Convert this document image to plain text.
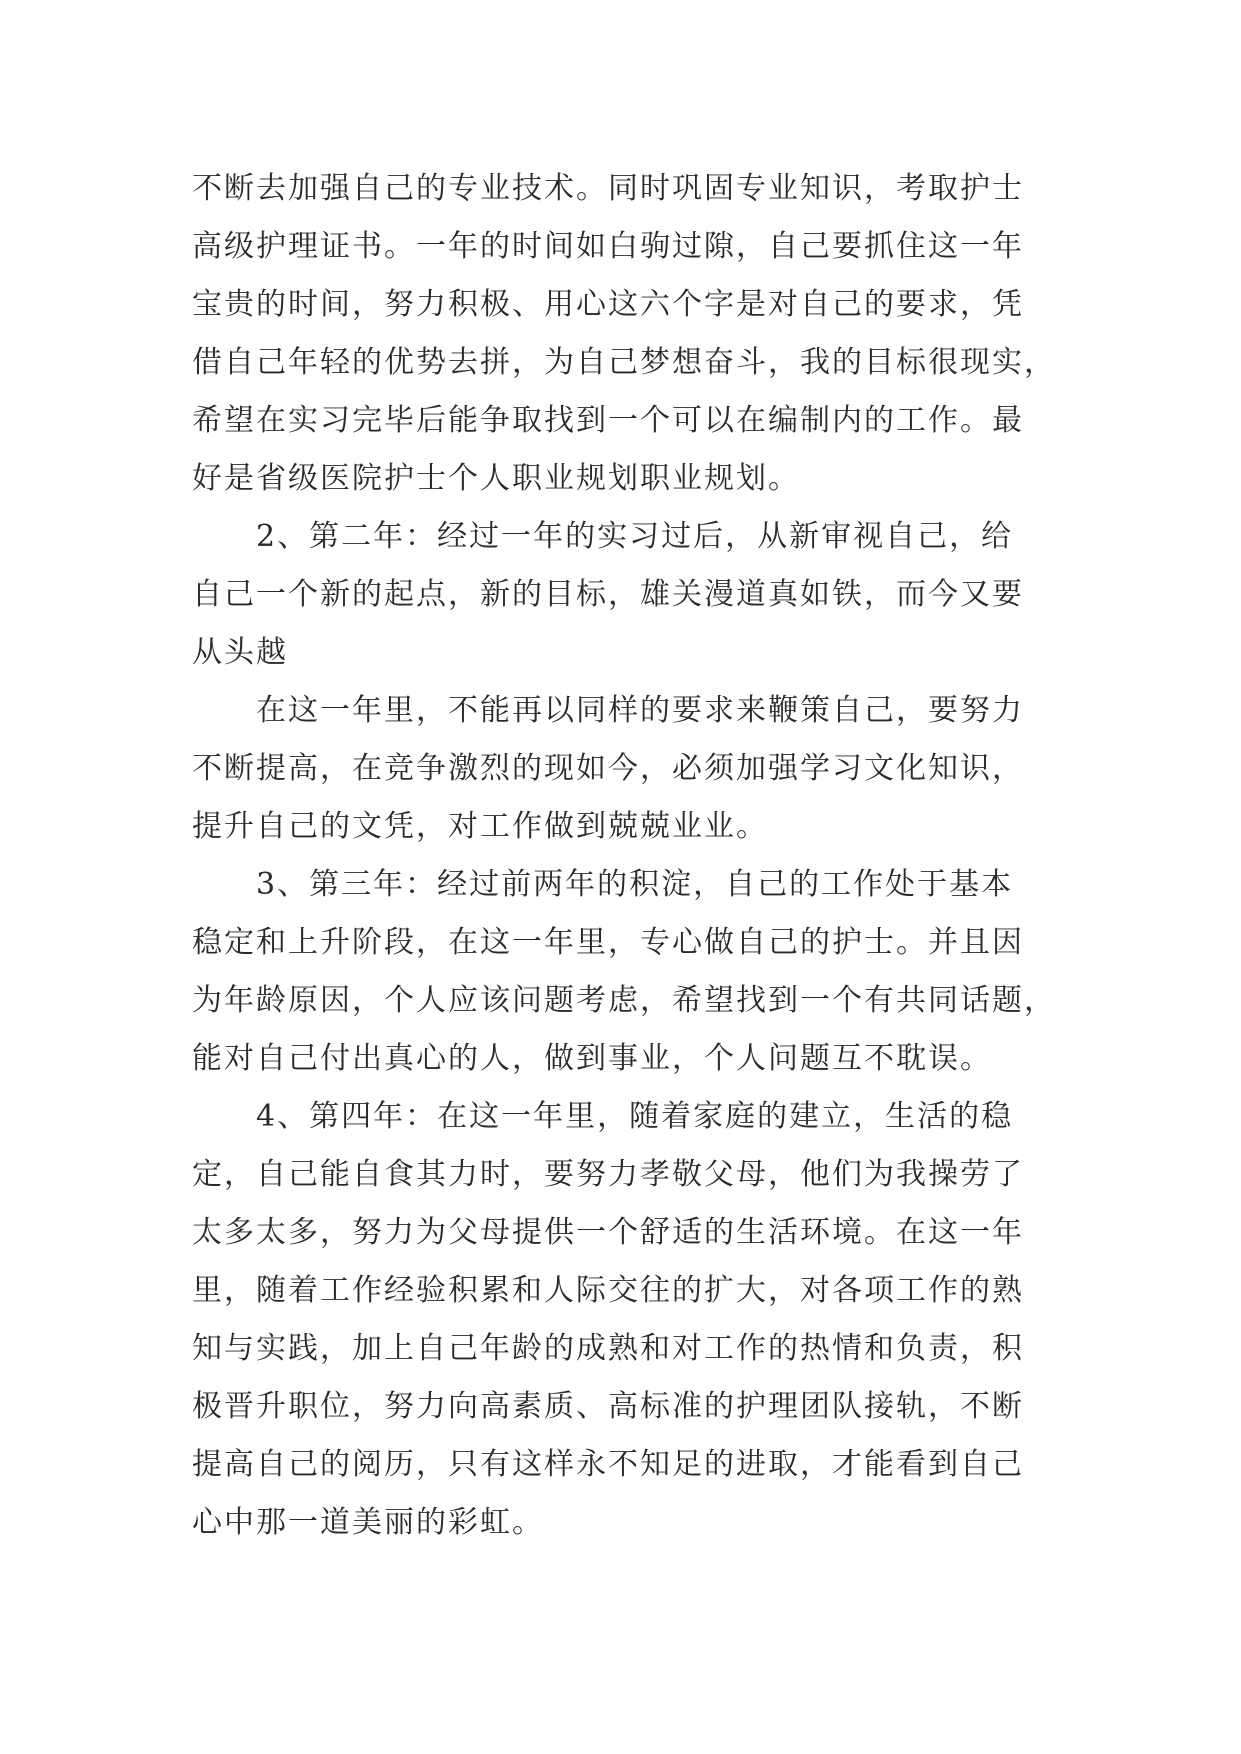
不断去加强自己的专业技术。同时巩固专业知识，考取护士
高级护理证书。一年的时间如白驹过隙，自己要抓住这一年
宝贵的时间，努力积极、用心这六个字是对自己的要求，凭
借自己年轻的优势去拼，为自己梦想奋斗，我的目标很现实，
希望在实习完毕后能争取找到一个可以在编制内的工作。最
好是省级医院护士个人职业规划职业规划。
2、第二年：经过一年的实习过后，从新审视自己，给
自己一个新的起点，新的目标，雄关漫道真如铁，而今又要
从头越
在这一年里，不能再以同样的要求来鞭策自己，要努力
不断提高，在竞争激烈的现如今，必须加强学习文化知识，
提升自己的文凭，对工作做到兢兢业业。
3、第三年：经过前两年的积淀，自己的工作处于基本
稳定和上升阶段，在这一年里，专心做自己的护士。并且因
为年龄原因，个人应该问题考虑，希望找到一个有共同话题，
能对自己付出真心的人，做到事业，个人问题互不耽误。
4、第四年：在这一年里，随着家庭的建立，生活的稳
定，自己能自食其力时，要努力孝敬父母，他们为我操劳了
太多太多，努力为父母提供一个舒适的生活环境。在这一年
里，随着工作经验积累和人际交往的扩大，对各项工作的熟
知与实践，加上自己年龄的成熟和对工作的热情和负责，积
极晋升职位，努力向高素质、高标准的护理团队接轨，不断
提高自己的阅历，只有这样永不知足的进取，才能看到自己
心中那一道美丽的彩虹。
